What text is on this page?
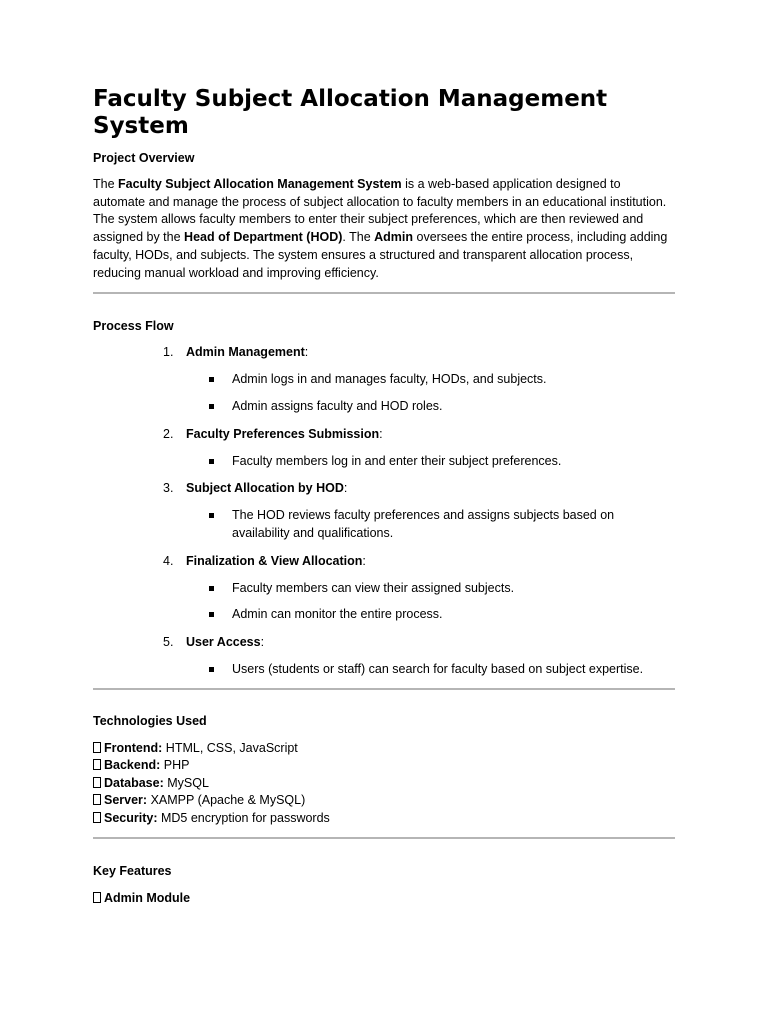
Faculty Subject Allocation Management System
Project Overview

The Faculty Subject Allocation Management System is a web-based application designed to automate and manage the process of subject allocation to faculty members in an educational institution. The system allows faculty members to enter their subject preferences, which are then reviewed and assigned by the Head of Department (HOD). The Admin oversees the entire process, including adding faculty, HODs, and subjects. The system ensures a structured and transparent allocation process, reducing manual workload and improving efficiency.

Process Flow
1.	Admin Management:
Admin logs in and manages faculty, HODs, and subjects.
Admin assigns faculty and HOD roles.
2.	Faculty Preferences Submission:
Faculty members log in and enter their subject preferences.
3.	Subject Allocation by HOD:
The HOD reviews faculty preferences and assigns subjects based on availability and qualifications.
4.	Finalization & View Allocation:
Faculty members can view their assigned subjects.
Admin can monitor the entire process.
5.	User Access:
Users (students or staff) can search for faculty based on subject expertise.
Technologies Used

Frontend: HTML, CSS, JavaScript

Backend: PHP

Database: MySQL

Server: XAMPP (Apache & MySQL)

Security: MD5 encryption for passwords

Key Features

Admin Module
